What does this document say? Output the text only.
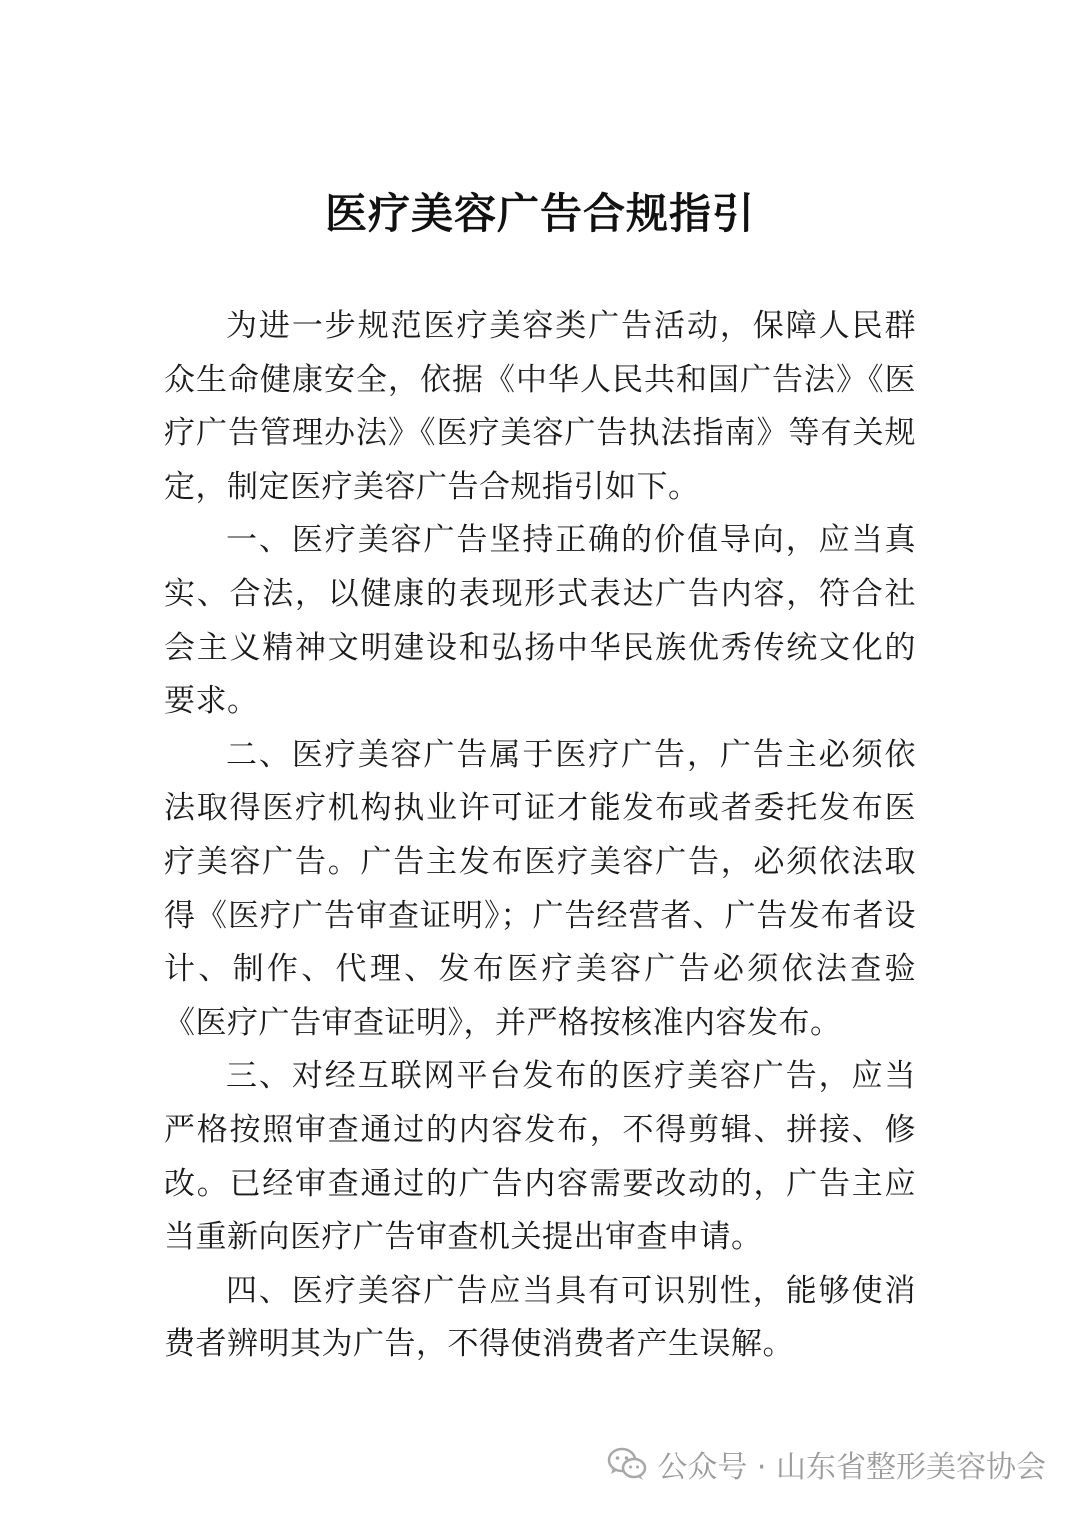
医疗美容广告合规指引

为进一步规范医疗美容类广告活动，保障人民群众生命健康安全，依据《中华人民共和国广告法》《医疗广告管理办法》《医疗美容广告执法指南》等有关规定，制定医疗美容广告合规指引如下。

一、医疗美容广告坚持正确的价值导向，应当真实、合法，以健康的表现形式表达广告内容，符合社会主义精神文明建设和弘扬中华民族优秀传统文化的要求。

二、医疗美容广告属于医疗广告，广告主必须依法取得医疗机构执业许可证才能发布或者委托发布医疗美容广告。广告主发布医疗美容广告，必须依法取得《医疗广告审查证明》；广告经营者、广告发布者设计、制作、代理、发布医疗美容广告必须依法查验《医疗广告审查证明》，并严格按核准内容发布。

三、对经互联网平台发布的医疗美容广告，应当严格按照审查通过的内容发布，不得剪辑、拼接、修改。已经审查通过的广告内容需要改动的，广告主应当重新向医疗广告审查机关提出审查申请。

四、医疗美容广告应当具有可识别性，能够使消费者辨明其为广告，不得使消费者产生误解。

公众号 · 山东省整形美容协会
